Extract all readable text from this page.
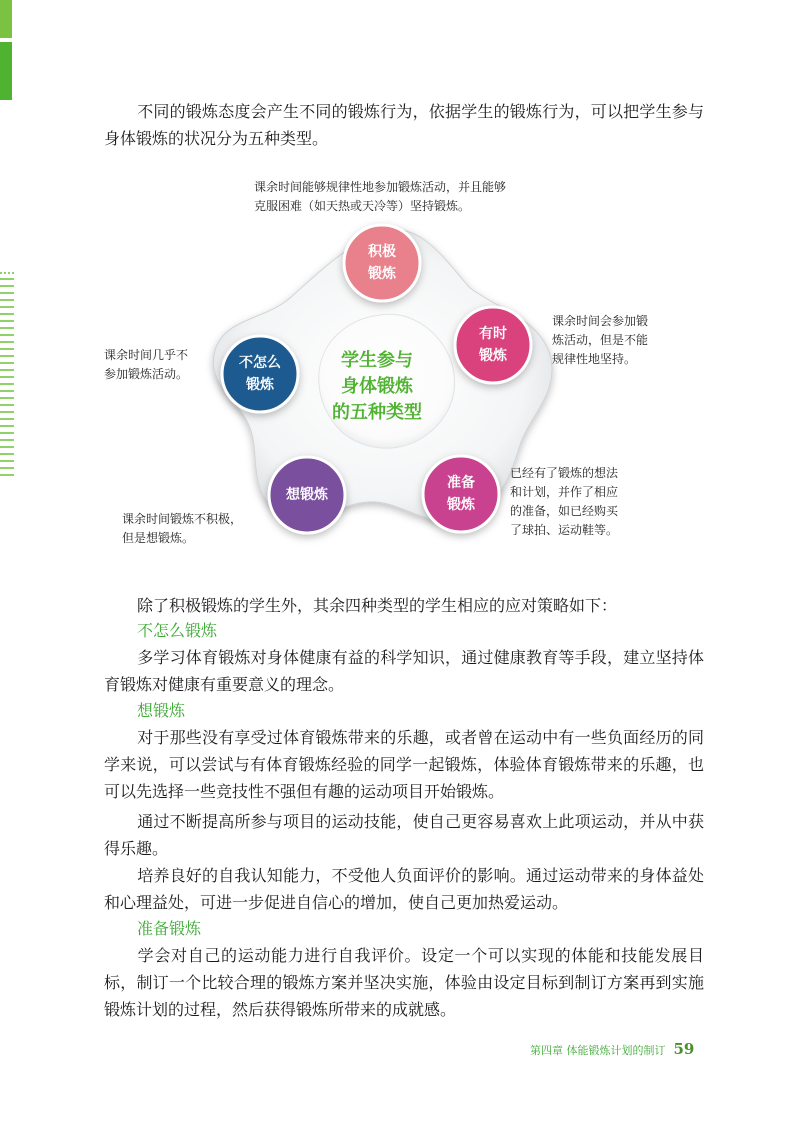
不同的锻炼态度会产生不同的锻炼行为，依据学生的锻炼行为，可以把学生参与身体锻炼的状况分为五种类型。

积极
锻炼
有时
锻炼
准备
锻炼
想锻炼
不怎么
锻炼
学生参与
身体锻炼
的五种类型
课余时间能够规律性地参加锻炼活动，并且能够
克服困难（如天热或天冷等）坚持锻炼。
课余时间会参加锻
炼活动，但是不能
规律性地坚持。
已经有了锻炼的想法
和计划，并作了相应
的准备，如已经购买
了球拍、运动鞋等。
课余时间锻炼不积极，
但是想锻炼。
课余时间几乎不
参加锻炼活动。

除了积极锻炼的学生外，其余四种类型的学生相应的应对策略如下：

不怎么锻炼

多学习体育锻炼对身体健康有益的科学知识，通过健康教育等手段，建立坚持体育锻炼对健康有重要意义的理念。

想锻炼

对于那些没有享受过体育锻炼带来的乐趣，或者曾在运动中有一些负面经历的同学来说，可以尝试与有体育锻炼经验的同学一起锻炼，体验体育锻炼带来的乐趣，也可以先选择一些竞技性不强但有趣的运动项目开始锻炼。

通过不断提高所参与项目的运动技能，使自己更容易喜欢上此项运动，并从中获得乐趣。

培养良好的自我认知能力，不受他人负面评价的影响。通过运动带来的身体益处和心理益处，可进一步促进自信心的增加，使自己更加热爱运动。

准备锻炼

学会对自己的运动能力进行自我评价。设定一个可以实现的体能和技能发展目标，制订一个比较合理的锻炼方案并坚决实施，体验由设定目标到制订方案再到实施锻炼计划的过程，然后获得锻炼所带来的成就感。

第四章 体能锻炼计划的制订 59
